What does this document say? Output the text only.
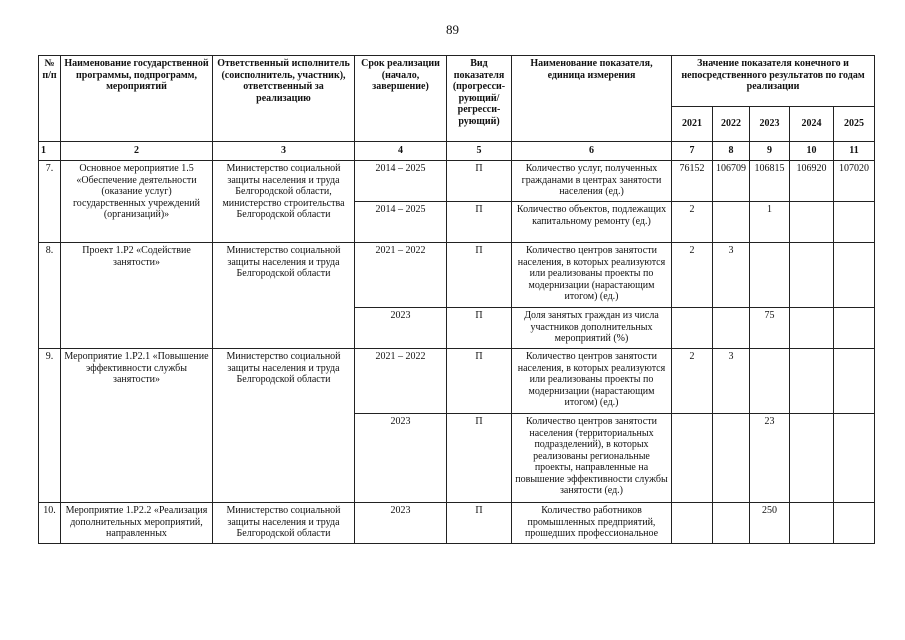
89
№ п/п	Наименование государственной программы, подпрограмм, мероприятий	Ответственный исполнитель (соисполнитель, участник), ответственный за реализацию	Срок реализации (начало, завершение)	Вид показателя (прогресси-рующий/ регресси-рующий)	Наименование показателя, единица измерения	Значение показателя конечного и непосредственного результатов по годам реализации				
						2021	2022	2023	2024	2025
1	2	3	4	5	6	7	8	9	10	11
7.	Основное мероприятие 1.5 «Обеспечение деятельности (оказание услуг) государственных учреждений (организаций)»	Министерство социальной защиты населения и труда Белгородской области, министерство строительства Белгородской области	2014 – 2025	П	Количество услуг, полученных гражданами в центрах занятости населения (ед.)	76152	106709	106815	106920	107020
			2014 – 2025	П	Количество объектов, подлежащих капитальному ремонту (ед.)	2		1		
8.	Проект 1.Р2 «Содействие занятости»	Министерство социальной защиты населения и труда Белгородской области	2021 – 2022	П	Количество центров занятости населения, в которых реализуются или реализованы проекты по модернизации (нарастающим итогом) (ед.)	2	3			
			2023	П	Доля занятых граждан из числа участников дополнительных мероприятий (%)			75		
9.	Мероприятие 1.Р2.1 «Повышение эффективности службы занятости»	Министерство социальной защиты населения и труда Белгородской области	2021 – 2022	П	Количество центров занятости населения, в которых реализуются или реализованы проекты по модернизации (нарастающим итогом) (ед.)	2	3			
			2023	П	Количество центров занятости населения (территориальных подразделений), в которых реализованы региональные проекты, направленные на повышение эффективности службы занятости (ед.)			23		
10.	Мероприятие 1.Р2.2 «Реализация дополнительных мероприятий, направленных	Министерство социальной защиты населения и труда Белгородской области	2023	П	Количество работников промышленных предприятий, прошедших профессиональное			250		
